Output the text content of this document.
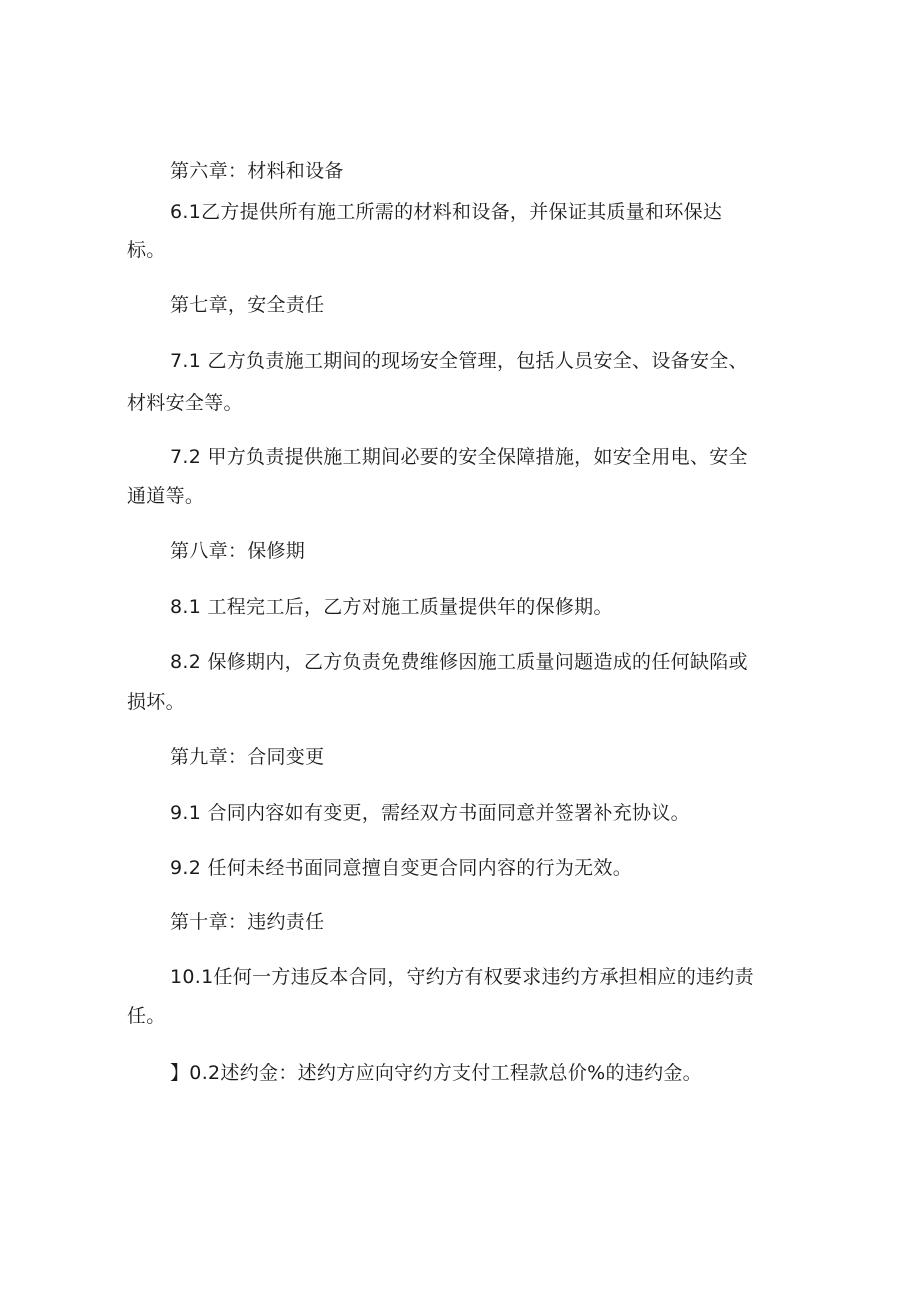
第六章：材料和设备
6.1乙方提供所有施工所需的材料和设备，并保证其质量和环保达
标。
第七章，安全责任
7.1 乙方负责施工期间的现场安全管理，包括人员安全、设备安全、
材料安全等。
7.2 甲方负责提供施工期间必要的安全保障措施，如安全用电、安全
通道等。
第八章：保修期
8.1 工程完工后，乙方对施工质量提供年的保修期。
8.2 保修期内，乙方负责免费维修因施工质量问题造成的任何缺陷或
损坏。
第九章：合同变更
9.1 合同内容如有变更，需经双方书面同意并签署补充协议。
9.2 任何未经书面同意擅自变更合同内容的行为无效。
第十章：违约责任
10.1任何一方违反本合同，守约方有权要求违约方承担相应的违约责
任。
】0.2述约金：述约方应向守约方支付工程款总价%的违约金。
